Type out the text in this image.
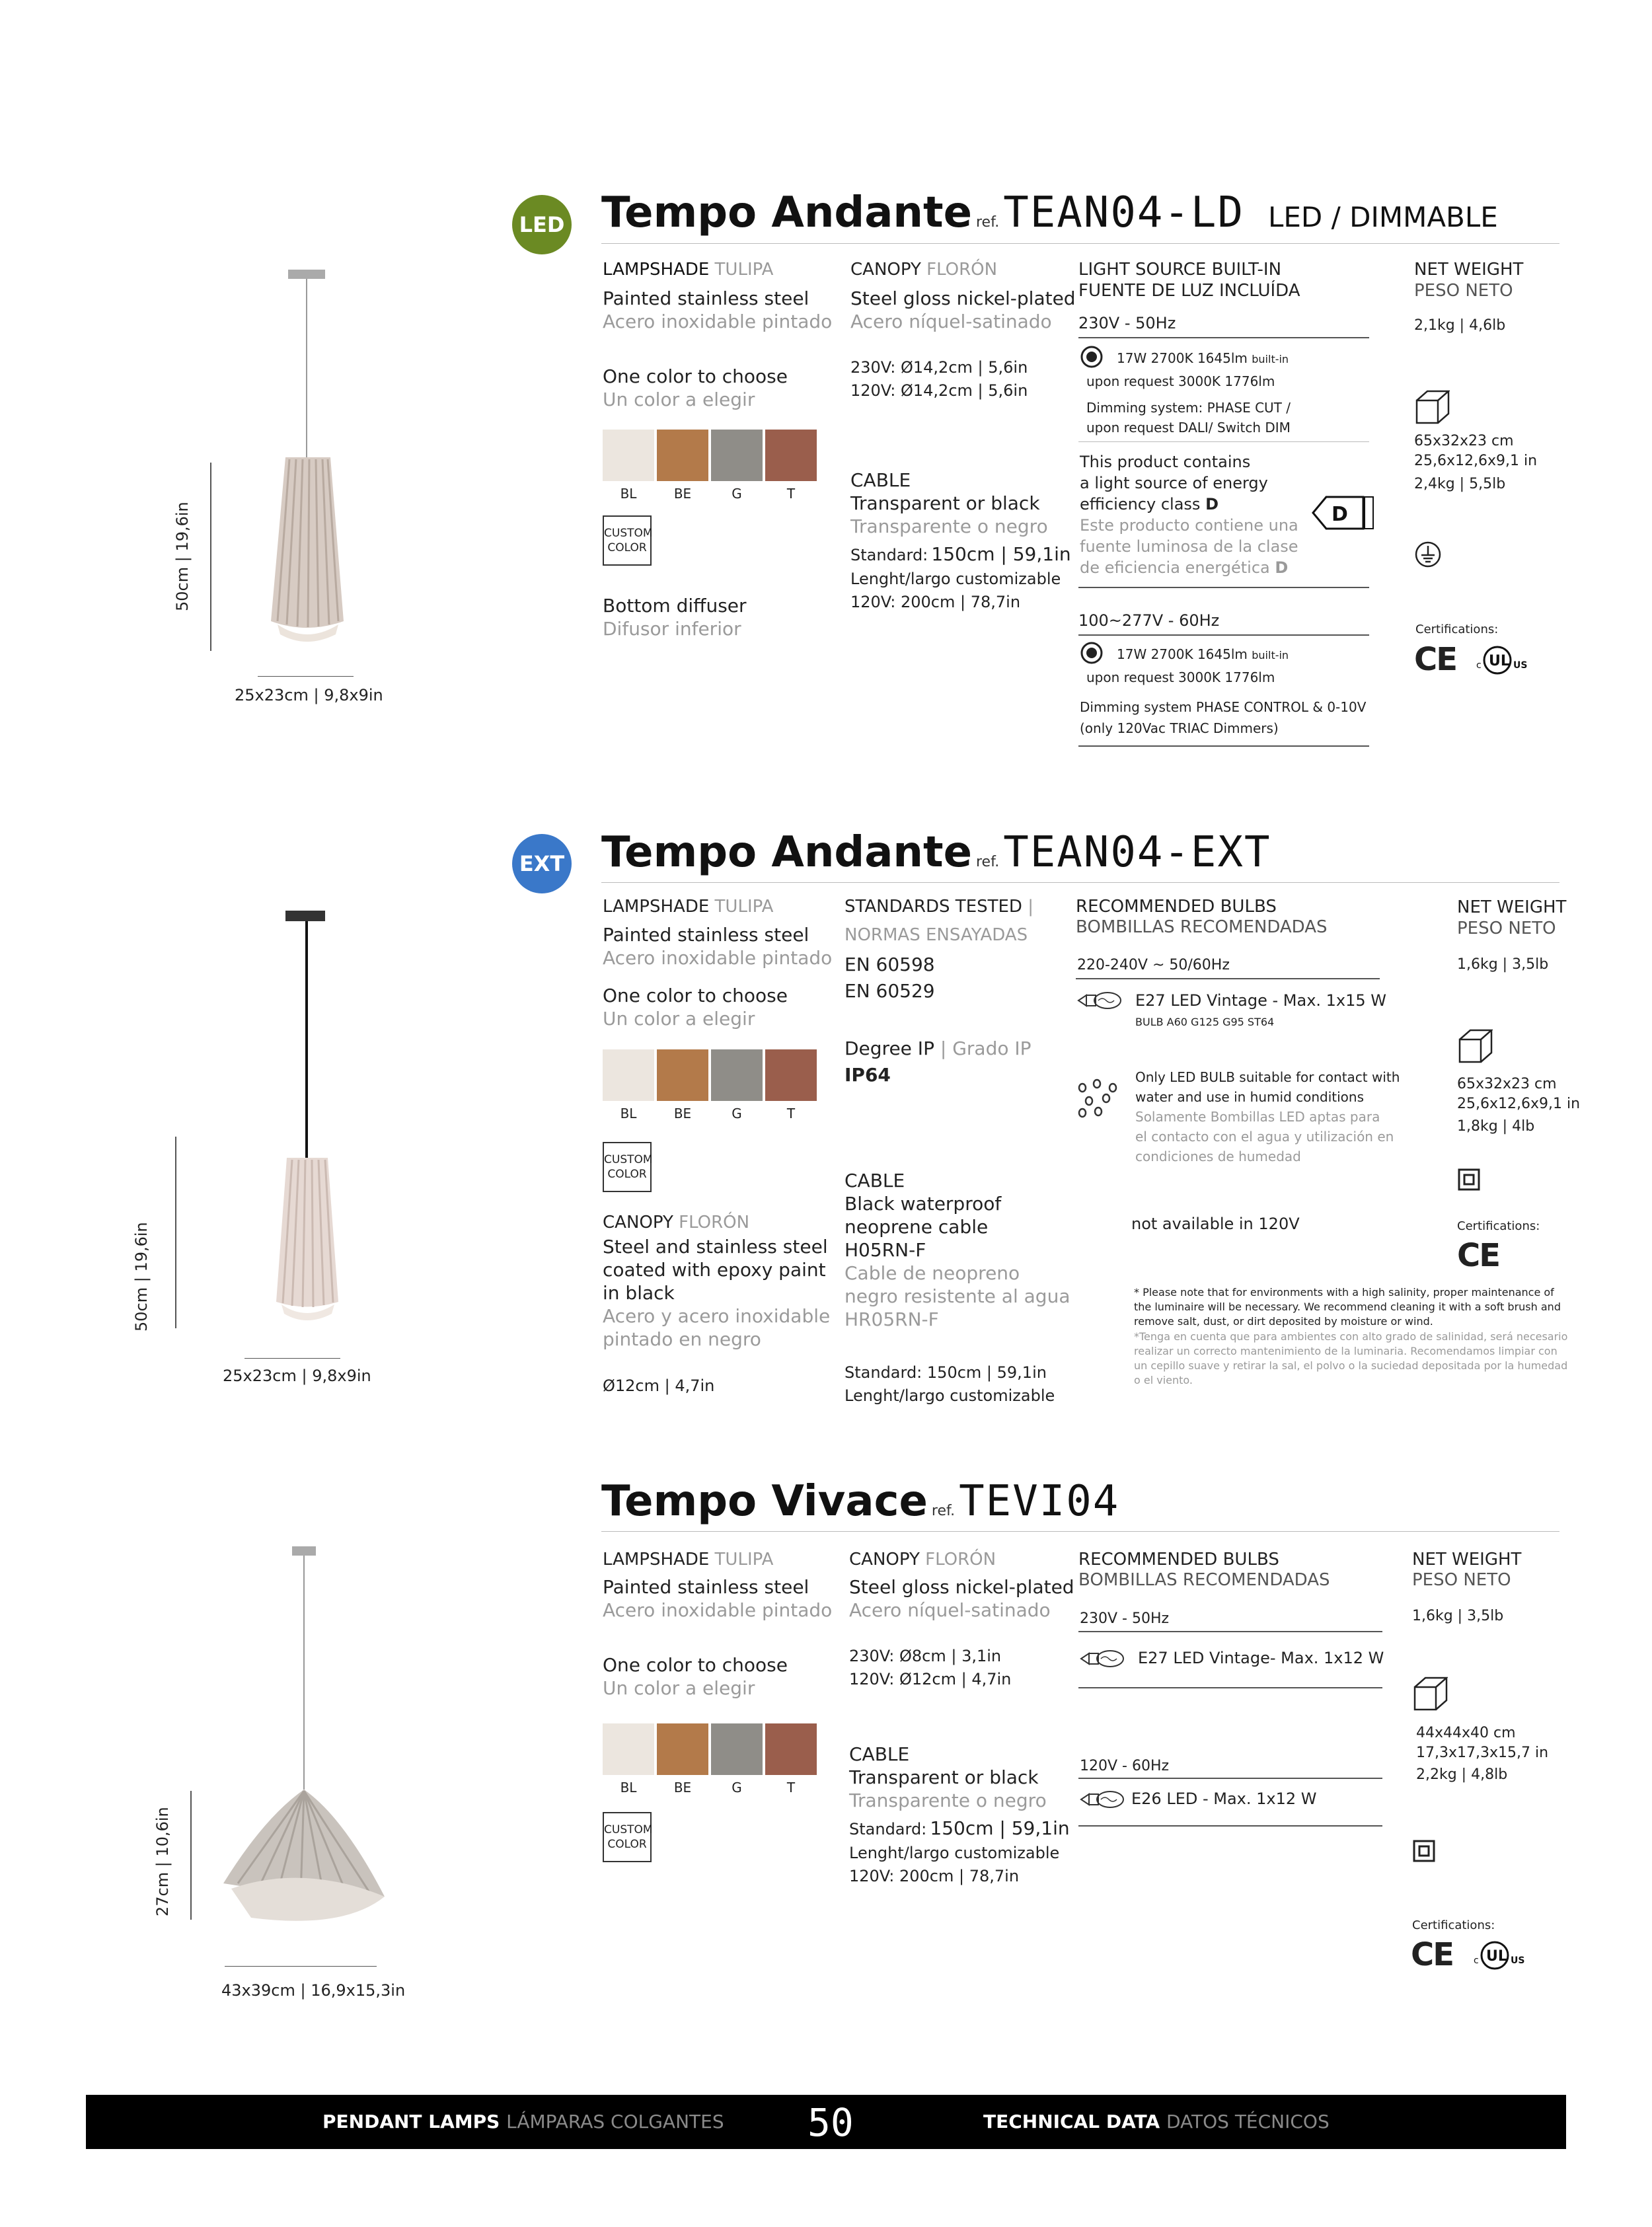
LED Tempo Andante ref.TEAN04-LD LED / DIMMABLE
50cm | 19,6in
25x23cm | 9,8x9in
LAMPSHADE TULIPA
Painted stainless steel
Acero inoxidable pintado
One color to choose
Un color a elegir
BL	BE	G	T
CUSTOM
COLOR
Bottom diffuser
Difusor inferior
CANOPY FLORÓN
Steel gloss nickel-plated
Acero níquel-satinado
230V: Ø14,2cm | 5,6in
120V: Ø14,2cm | 5,6in
CABLE
Transparent or black
Transparente o negro
Standard: 150cm | 59,1in
Lenght/largo customizable
120V: 200cm | 78,7in
LIGHT SOURCE BUILT-IN
FUENTE DE LUZ INCLUÍDA
230V - 50Hz
17W 2700K 1645lm built-in
upon request 3000K 1776lm
Dimming system: PHASE CUT /
upon request DALI/ Switch DIM
This product contains
a light source of energy
efficiency class D
Este producto contiene una
fuente luminosa de la clase
de eficiencia energética D
D
100~277V - 60Hz
17W 2700K 1645lm built-in
upon request 3000K 1776lm
Dimming system PHASE CONTROL & 0-10V
(only 120Vac TRIAC Dimmers)
NET WEIGHT
PESO NETO
2,1kg | 4,6lb
65x32x23 cm
25,6x12,6x9,1 in
2,4kg | 5,5lb
Certifications:
CE c UL US
EXT Tempo Andante ref.TEAN04-EXT
50cm | 19,6in
25x23cm | 9,8x9in
LAMPSHADE TULIPA
Painted stainless steel
Acero inoxidable pintado
One color to choose
Un color a elegir
BL	BE	G	T
CUSTOM
COLOR
CANOPY FLORÓN
Steel and stainless steel
coated with epoxy paint
in black
Acero y acero inoxidable
pintado en negro
Ø12cm | 4,7in
STANDARDS TESTED |
NORMAS ENSAYADAS
EN 60598
EN 60529
Degree IP | Grado IP
IP64
CABLE
Black waterproof
neoprene cable
H05RN-F
Cable de neopreno
negro resistente al agua
HR05RN-F
Standard: 150cm | 59,1in
Lenght/largo customizable
RECOMMENDED BULBS
BOMBILLAS RECOMENDADAS
220-240V ~ 50/60Hz
E27 LED Vintage - Max. 1x15 W
BULB A60 G125 G95 ST64
Only LED BULB suitable for contact with
water and use in humid conditions
Solamente Bombillas LED aptas para
el contacto con el agua y utilización en
condiciones de humedad
not available in 120V
* Please note that for environments with a high salinity, proper maintenance of
the luminaire will be necessary. We recommend cleaning it with a soft brush and
remove salt, dust, or dirt deposited by moisture or wind.
*Tenga en cuenta que para ambientes con alto grado de salinidad, será necesario
realizar un correcto mantenimiento de la luminaria. Recomendamos limpiar con
un cepillo suave y retirar la sal, el polvo o la suciedad depositada por la humedad
o el viento.
NET WEIGHT
PESO NETO
1,6kg | 3,5lb
65x32x23 cm
25,6x12,6x9,1 in
1,8kg | 4lb
Certifications:
CE
Tempo Vivace ref.TEVI04
27cm | 10,6in
43x39cm | 16,9x15,3in
LAMPSHADE TULIPA
Painted stainless steel
Acero inoxidable pintado
One color to choose
Un color a elegir
BL	BE	G	T
CUSTOM
COLOR
CANOPY FLORÓN
Steel gloss nickel-plated
Acero níquel-satinado
230V: Ø8cm | 3,1in
120V: Ø12cm | 4,7in
CABLE
Transparent or black
Transparente o negro
Standard: 150cm | 59,1in
Lenght/largo customizable
120V: 200cm | 78,7in
RECOMMENDED BULBS
BOMBILLAS RECOMENDADAS
230V - 50Hz
E27 LED Vintage- Max. 1x12 W
120V - 60Hz
E26 LED - Max. 1x12 W
NET WEIGHT
PESO NETO
1,6kg | 3,5lb
44x44x40 cm
17,3x17,3x15,7 in
2,2kg | 4,8lb
Certifications:
CE c UL US
PENDANT LAMPS LÁMPARAS COLGANTES 50	TECHNICAL DATA DATOS TÉCNICOS
